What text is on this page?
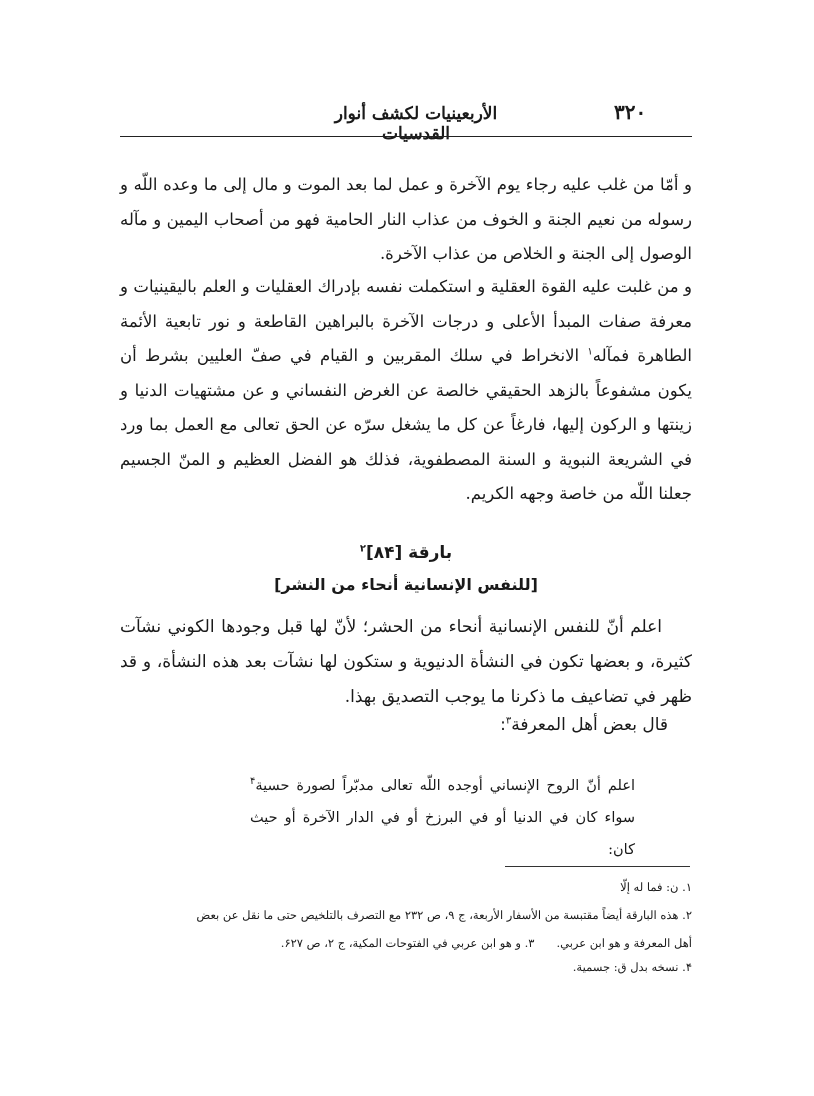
۳۲۰
الأربعينيات لكشف أنوار القدسيات
و أمّا من غلب عليه رجاء يوم الآخرة و عمل لما بعد الموت و مال إلى ما وعده اللّه و رسوله من نعيم الجنة و الخوف من عذاب النار الحامية فهو من أصحاب اليمين و مآله الوصول إلى الجنة و الخلاص من عذاب الآخرة.
و من غلبت عليه القوة العقلية و استكملت نفسه بإدراك العقليات و العلم باليقينيات و معرفة صفات المبدأ الأعلى و درجات الآخرة بالبراهين القاطعة و نور تابعية الأئمة الطاهرة فمآله$^۱$ الانخراط في سلك المقربين و القيام في صفّ العليين بشرط أن يكون مشفوعاً بالزهد الحقيقي خالصة عن الغرض النفساني و عن مشتهيات الدنيا و زينتها و الركون إليها، فارغاً عن كل ما يشغل سرّه عن الحق تعالى مع العمل بما ورد في الشريعة النبوية و السنة المصطفوية، فذلك هو الفضل العظيم و المنّ الجسيم جعلنا اللّه من خاصة وجهه الكريم.
بارقة [۸۴]$^۲$
[للنفس الإنسانية أنحاء من النشر]
اعلم أنّ للنفس الإنسانية أنحاء من الحشر؛ لأنّ لها قبل وجودها الكوني نشآت كثيرة، و بعضها تكون في النشأة الدنيوية و ستكون لها نشآت بعد هذه النشأة، و قد ظهر في تضاعيف ما ذكرنا ما يوجب التصديق بهذا.
قال بعض أهل المعرفة$^۳$:
اعلم أنّ الروح الإنساني أوجده اللّه تعالى مدبّراً لصورة حسية$^۴$ سواء كان في الدنيا أو في البرزخ أو في الدار الآخرة أو حيث كان:
۱. ن: فما له إلّا
۲. هذه البارقة أيضاً مقتبسة من الأسفار الأربعة، ج ۹، ص ۲۳۲ مع التصرف بالتلخيص حتى ما نقل عن بعض
أهل المعرفة و هو ابن عربي.۳. و هو ابن عربي في الفتوحات المكية، ج ۲، ص ۶۲۷.
۴. نسخه بدل ق: جسمية.
